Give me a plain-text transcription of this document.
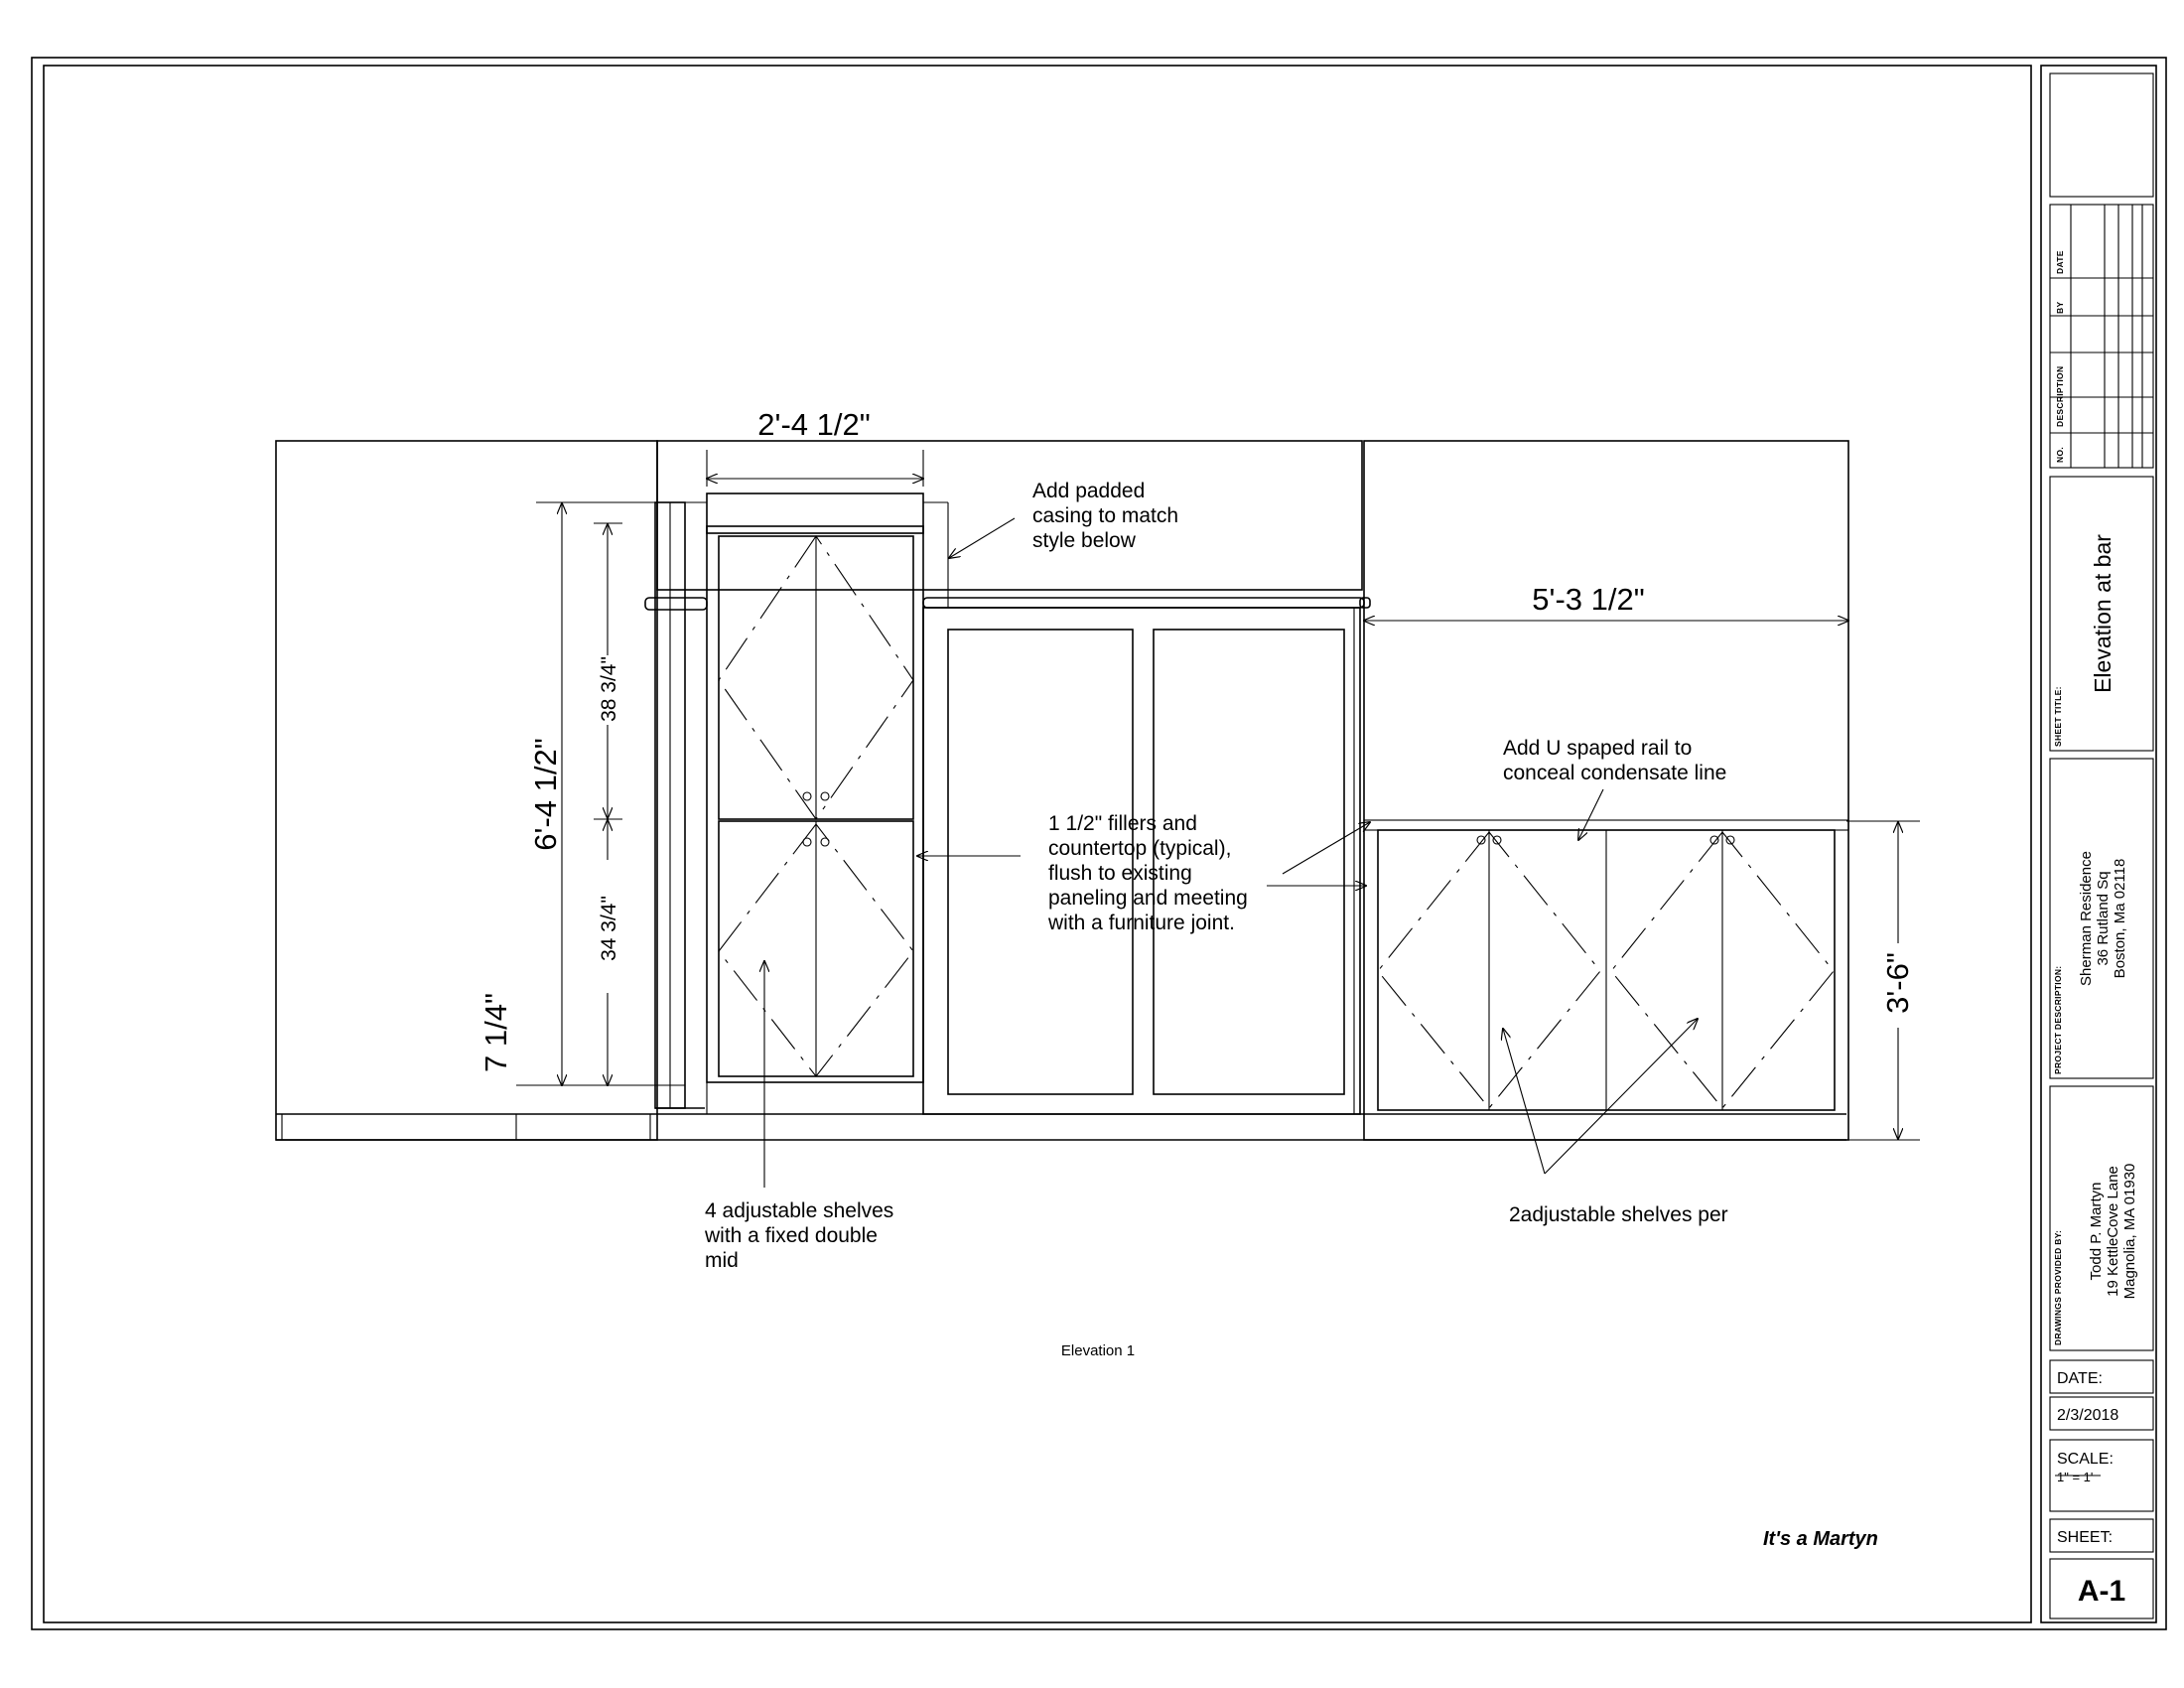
2'-4 1/2"
6'-4 1/2"
38 3/4"
34 3/4"
7 1/4"
5'-3 1/2"
3'-6"
Add padded
casing to match
style below
Add U spaped rail to
conceal condensate line
1 1/2" fillers and
countertop (typical),
flush to existing
paneling and meeting
with a furniture joint.
4 adjustable shelves
with a fixed double
mid
2adjustable shelves per
Elevation 1
It's a Martyn
NO.
DESCRIPTION
BY
DATE
SHEET TITLE:
Elevation at bar
PROJECT DESCRIPTION:
Sherman Residence 36 Rutland Sq Boston, Ma 02118
DRAWINGS PROVIDED BY: Todd P. Martyn 19 KettleCove Lane Magnolia, MA 01930
DATE:
2/3/2018
SCALE:
1" = 1'
SHEET:
A-1
